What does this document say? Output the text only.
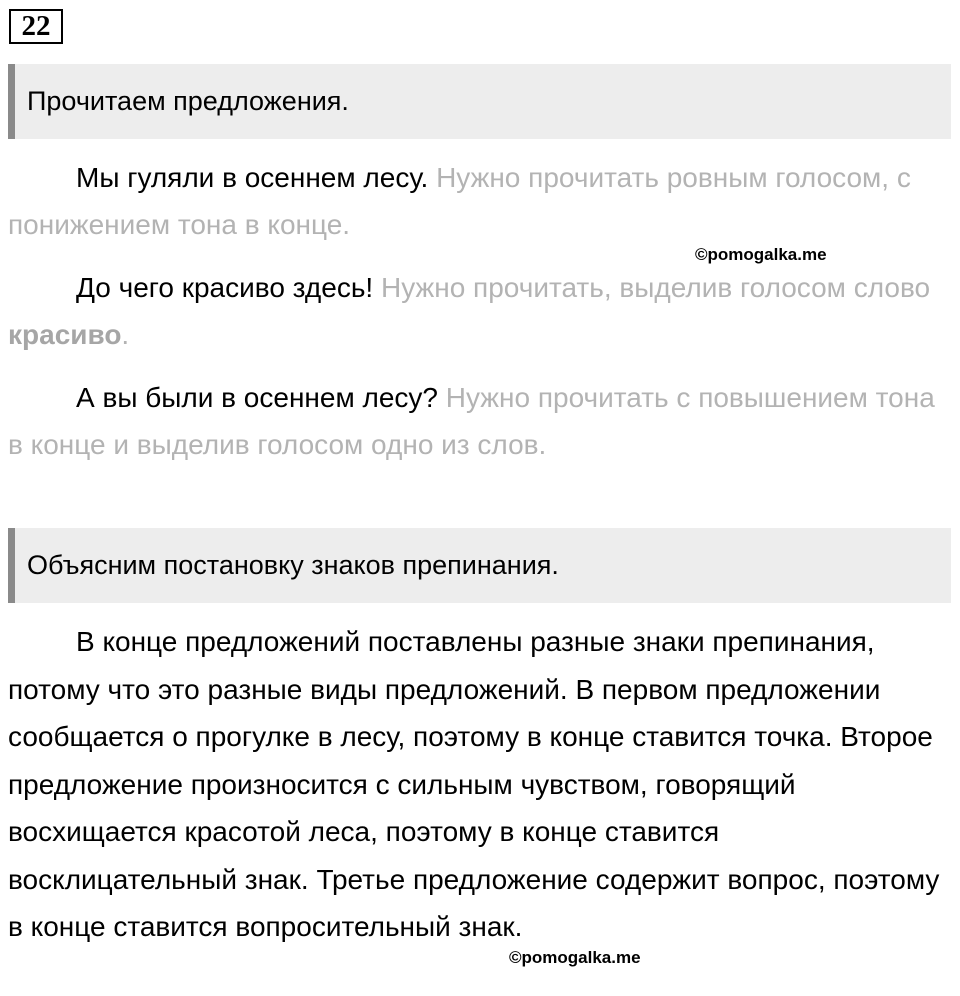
22
Прочитаем предложения.

Мы гуляли в осеннем лесу. Нужно прочитать ровным голосом, с понижением тона в конце.

©pomogalka.me

До чего красиво здесь! Нужно прочитать, выделив голосом слово красиво.

А вы были в осеннем лесу? Нужно прочитать с повышением тона в конце и выделив голосом одно из слов.

Объясним постановку знаков препинания.

В конце предложений поставлены разные знаки препинания, потому что это разные виды предложений. В первом предложении сообщается о прогулке в лесу, поэтому в конце ставится точка. Второе предложение произносится с сильным чувством, говорящий восхищается красотой леса, поэтому в конце ставится восклицательный знак. Третье предложение содержит вопрос, поэтому в конце ставится вопросительный знак.

©pomogalka.me
